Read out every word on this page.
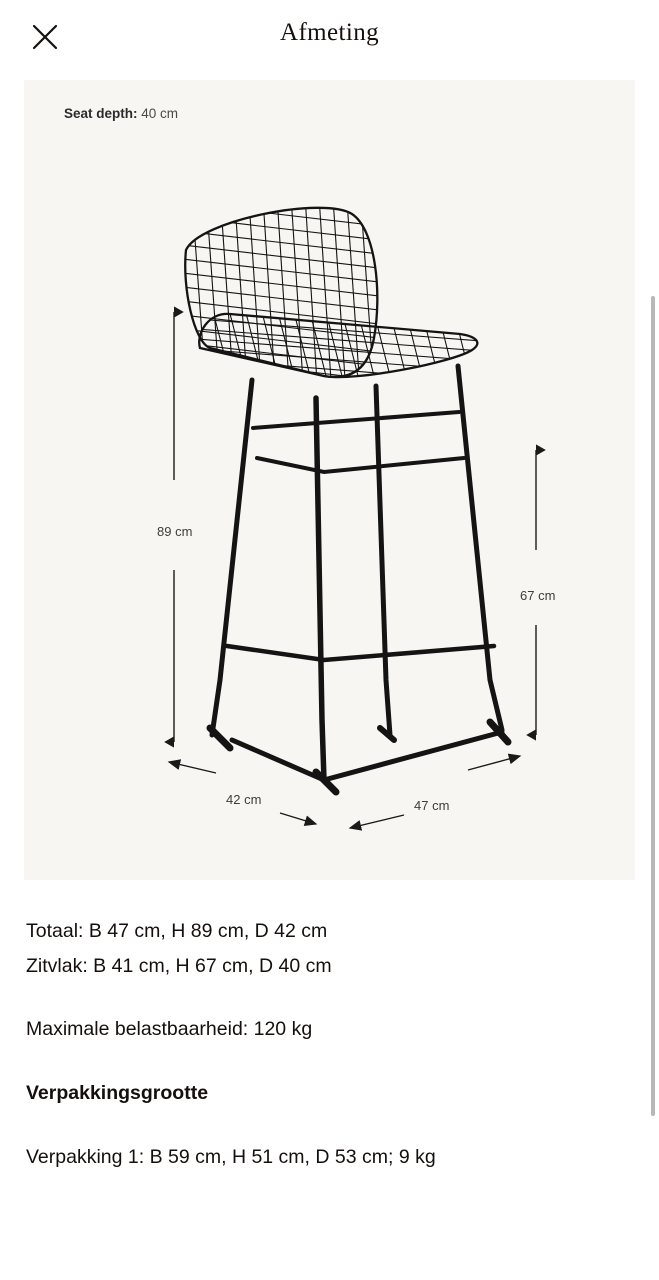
Afmeting
Seat depth: 40 cm
89 cm
67 cm
42 cm	47 cm

Totaal: B 47 cm, H 89 cm, D 42 cm

Zitvlak: B 41 cm, H 67 cm, D 40 cm

Maximale belastbaarheid: 120 kg

Verpakkingsgrootte

Verpakking 1: B 59 cm, H 51 cm, D 53 cm; 9 kg
